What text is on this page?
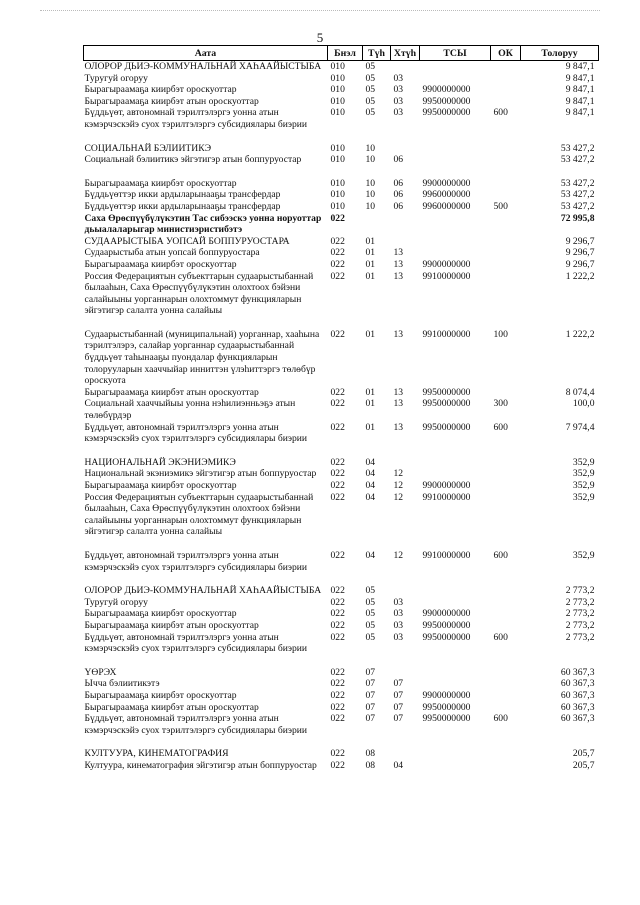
5
Аата	Бнэл	Түһ	Хтүһ	ТСЫ	ОК	Толоруу
ОЛОРОР ДЬИЭ-КОММУНАЛЬНАЙ ХАҺААЙЫСТЫБА	010	05				9 847,1
Туругуй огоруу	010	05	03			9 847,1
Бырагыраамаҕа киирбэт ороскуоттар	010	05	03	9900000000		9 847,1
Бырагыраамаҕа киирбэт атын ороскуоттар	010	05	03	9950000000		9 847,1
Бүддьүөт, автономнай тэрилтэлэргэ уонна атын кэмэрчэскэйэ суох тэрилтэлэргэ субсидиялары биэрии	010	05	03	9950000000	600	9 847,1

СОЦИАЛЬНАЙ БЭЛИИТИКЭ	010	10				53 427,2
Социальнай бэлиитикэ эйгэтигэр атын боппуруостар	010	10	06			53 427,2

Бырагыраамаҕа киирбэт ороскуоттар	010	10	06	9900000000		53 427,2
Бүддьүөттэр икки ардыларынааҕы трансфердар	010	10	06	9960000000		53 427,2
Бүддьүөттэр икки ардыларынааҕы трансфердар	010	10	06	9960000000	500	53 427,2
Саха Өрөспүүбүлүкэтин Тас сибээскэ уонна норуоттар дьыалаларыгар министиэристибэтэ	022					72 995,8
СУДААРЫСТЫБА УОПСАЙ БОППУРУОСТАРА	022	01				9 296,7
Судаарыстыба атын уопсай боппуруостара	022	01	13			9 296,7
Бырагыраамаҕа киирбэт ороскуоттар	022	01	13	9900000000		9 296,7
Россия Федерациятын субъекттарын судаарыстыбаннай былааһын, Саха Өрөспүүбүлүкэтин олохтоох бэйэни салайыыны уорганнарын олохтоммут функцияларын эйгэтигэр салалта уонна салайыы	022	01	13	9910000000		1 222,2

Судаарыстыбаннай (муниципальнай) уорганнар, хааһына тэрилтэлэрэ, салайар уорганнар судаарыстыбаннай бүддьүөт таһынааҕы пуондалар функцияларын толорууларын хааччыйар инниттэн үлэһиттэргэ төлөбүр ороскуота	022	01	13	9910000000	100	1 222,2
Бырагыраамаҕа киирбэт атын ороскуоттар	022	01	13	9950000000		8 074,4
Социальнай хааччыйыы уонна нэһилиэнньэҕэ атын төлөбүрдэр	022	01	13	9950000000	300	100,0
Бүддьүөт, автономнай тэрилтэлэргэ уонна атын кэмэрчэскэйэ суох тэрилтэлэргэ субсидиялары биэрии	022	01	13	9950000000	600	7 974,4

НАЦИОНАЛЬНАЙ ЭКЭНИЭМИКЭ	022	04				352,9
Национальнай экэниэмикэ эйгэтигэр атын боппуруостар	022	04	12			352,9
Бырагыраамаҕа киирбэт ороскуоттар	022	04	12	9900000000		352,9
Россия Федерациятын субъекттарын судаарыстыбаннай былааһын, Саха Өрөспүүбүлүкэтин олохтоох бэйэни салайыыны уорганнарын олохтоммут функцияларын эйгэтигэр салалта уонна салайыы	022	04	12	9910000000		352,9

Бүддьүөт, автономнай тэрилтэлэргэ уонна атын кэмэрчэскэйэ суох тэрилтэлэргэ субсидиялары биэрии	022	04	12	9910000000	600	352,9

ОЛОРОР ДЬИЭ-КОММУНАЛЬНАЙ ХАҺААЙЫСТЫБА	022	05				2 773,2
Туругуй огоруу	022	05	03			2 773,2
Бырагыраамаҕа киирбэт ороскуоттар	022	05	03	9900000000		2 773,2
Бырагыраамаҕа киирбэт атын ороскуоттар	022	05	03	9950000000		2 773,2
Бүддьүөт, автономнай тэрилтэлэргэ уонна атын кэмэрчэскэйэ суох тэрилтэлэргэ субсидиялары биэрии	022	05	03	9950000000	600	2 773,2

ҮӨРЭХ	022	07				60 367,3
Ычча бэлиитикэтэ	022	07	07			60 367,3
Бырагыраамаҕа киирбэт ороскуоттар	022	07	07	9900000000		60 367,3
Бырагыраамаҕа киирбэт атын ороскуоттар	022	07	07	9950000000		60 367,3
Бүддьүөт, автономнай тэрилтэлэргэ уонна атын кэмэрчэскэйэ суох тэрилтэлэргэ субсидиялары биэрии	022	07	07	9950000000	600	60 367,3

КУЛТУУРА, КИНЕМАТОГРАФИЯ	022	08				205,7
Култуура, кинематография эйгэтигэр атын боппуруостар	022	08	04			205,7
